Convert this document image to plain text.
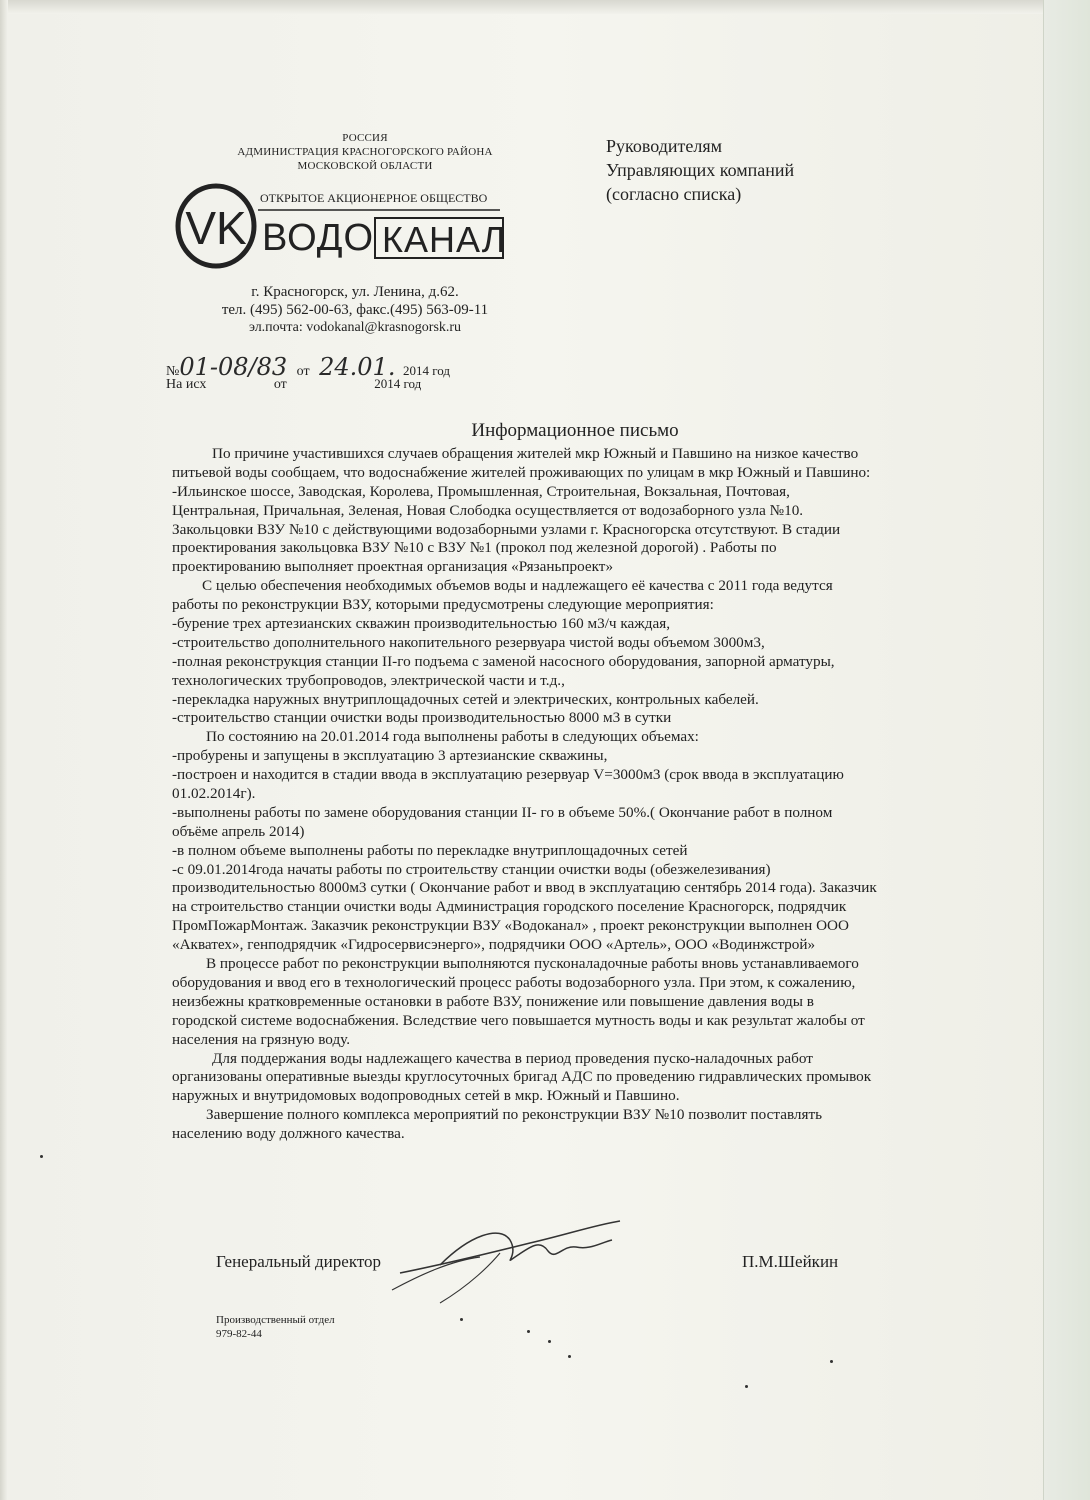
РОССИЯ
АДМИНИСТРАЦИЯ КРАСНОГОРСКОГО РАЙОНА
МОСКОВСКОЙ ОБЛАСТИ
VK
ОТКРЫТОЕ АКЦИОНЕРНОЕ ОБЩЕСТВО
ВОДО КАНАЛ
г. Красногорск, ул. Ленина, д.62.
тел. (495) 562-00-63, факс.(495) 563-09-11
эл.почта: vodokanal@krasnogorsk.ru
№01-08/83 от 24.01. 2014 год
На исх	от	2014 год
Руководителям
Управляющих компаний
(согласно списка)
Информационное письмо
По причине участившихся случаев обращения жителей мкр Южный и Павшино на низкое качество
питьевой воды сообщаем, что водоснабжение жителей проживающих по улицам в мкр Южный и Павшино:
-Ильинское шоссе, Заводская, Королева, Промышленная, Строительная, Вокзальная, Почтовая,
Центральная, Причальная, Зеленая, Новая Слободка осуществляется от водозаборного узла №10.
Закольцовки ВЗУ №10 с действующими водозаборными узлами г. Красногорска отсутствуют. В стадии
проектирования закольцовка ВЗУ №10 с ВЗУ №1 (прокол под железной дорогой) . Работы по
проектированию выполняет проектная организация «Рязаньпроект»
С целью обеспечения необходимых объемов воды и надлежащего её качества с 2011 года ведутся
работы по реконструкции ВЗУ, которыми предусмотрены следующие мероприятия:
-бурение трех артезианских скважин производительностью 160 м3/ч каждая,
-строительство дополнительного накопительного резервуара чистой воды объемом 3000м3,
-полная реконструкция станции II-го подъема с заменой насосного оборудования, запорной арматуры,
технологических трубопроводов, электрической части и т.д.,
-перекладка наружных внутриплощадочных сетей и электрических, контрольных кабелей.
-строительство станции очистки воды производительностью 8000 м3 в сутки
По состоянию на 20.01.2014 года выполнены работы в следующих объемах:
-пробурены и запущены в эксплуатацию 3 артезианские скважины,
-построен и находится в стадии ввода в эксплуатацию резервуар V=3000м3 (срок ввода в эксплуатацию
01.02.2014г).
-выполнены работы по замене оборудования станции II- го в объеме 50%.( Окончание работ в полном
объёме апрель 2014)
-в полном объеме выполнены работы по перекладке внутриплощадочных сетей
-с 09.01.2014года начаты работы по строительству станции очистки воды (обезжелезивания)
производительностью 8000м3 сутки ( Окончание работ и ввод в эксплуатацию сентябрь 2014 года). Заказчик
на строительство станции очистки воды Администрация городского поселение Красногорск, подрядчик
ПромПожарМонтаж. Заказчик реконструкции ВЗУ «Водоканал» , проект реконструкции выполнен ООО
«Акватех», генподрядчик «Гидросервисэнерго», подрядчики ООО «Артель», ООО «Водинжстрой»
В процессе работ по реконструкции выполняются пусконаладочные работы вновь устанавливаемого
оборудования и ввод его в технологический процесс работы водозаборного узла. При этом, к сожалению,
неизбежны кратковременные остановки в работе ВЗУ, понижение или повышение давления воды в
городской системе водоснабжения. Вследствие чего повышается мутность воды и как результат жалобы от
населения на грязную воду.
Для поддержания воды надлежащего качества в период проведения пуско-наладочных работ
организованы оперативные выезды круглосуточных бригад АДС по проведению гидравлических промывок
наружных и внутридомовых водопроводных сетей в мкр. Южный и Павшино.
Завершение полного комплекса мероприятий по реконструкции ВЗУ №10 позволит поставлять
населению воду должного качества.
Генеральный директор	П.М.Шейкин
Производственный отдел
979-82-44
